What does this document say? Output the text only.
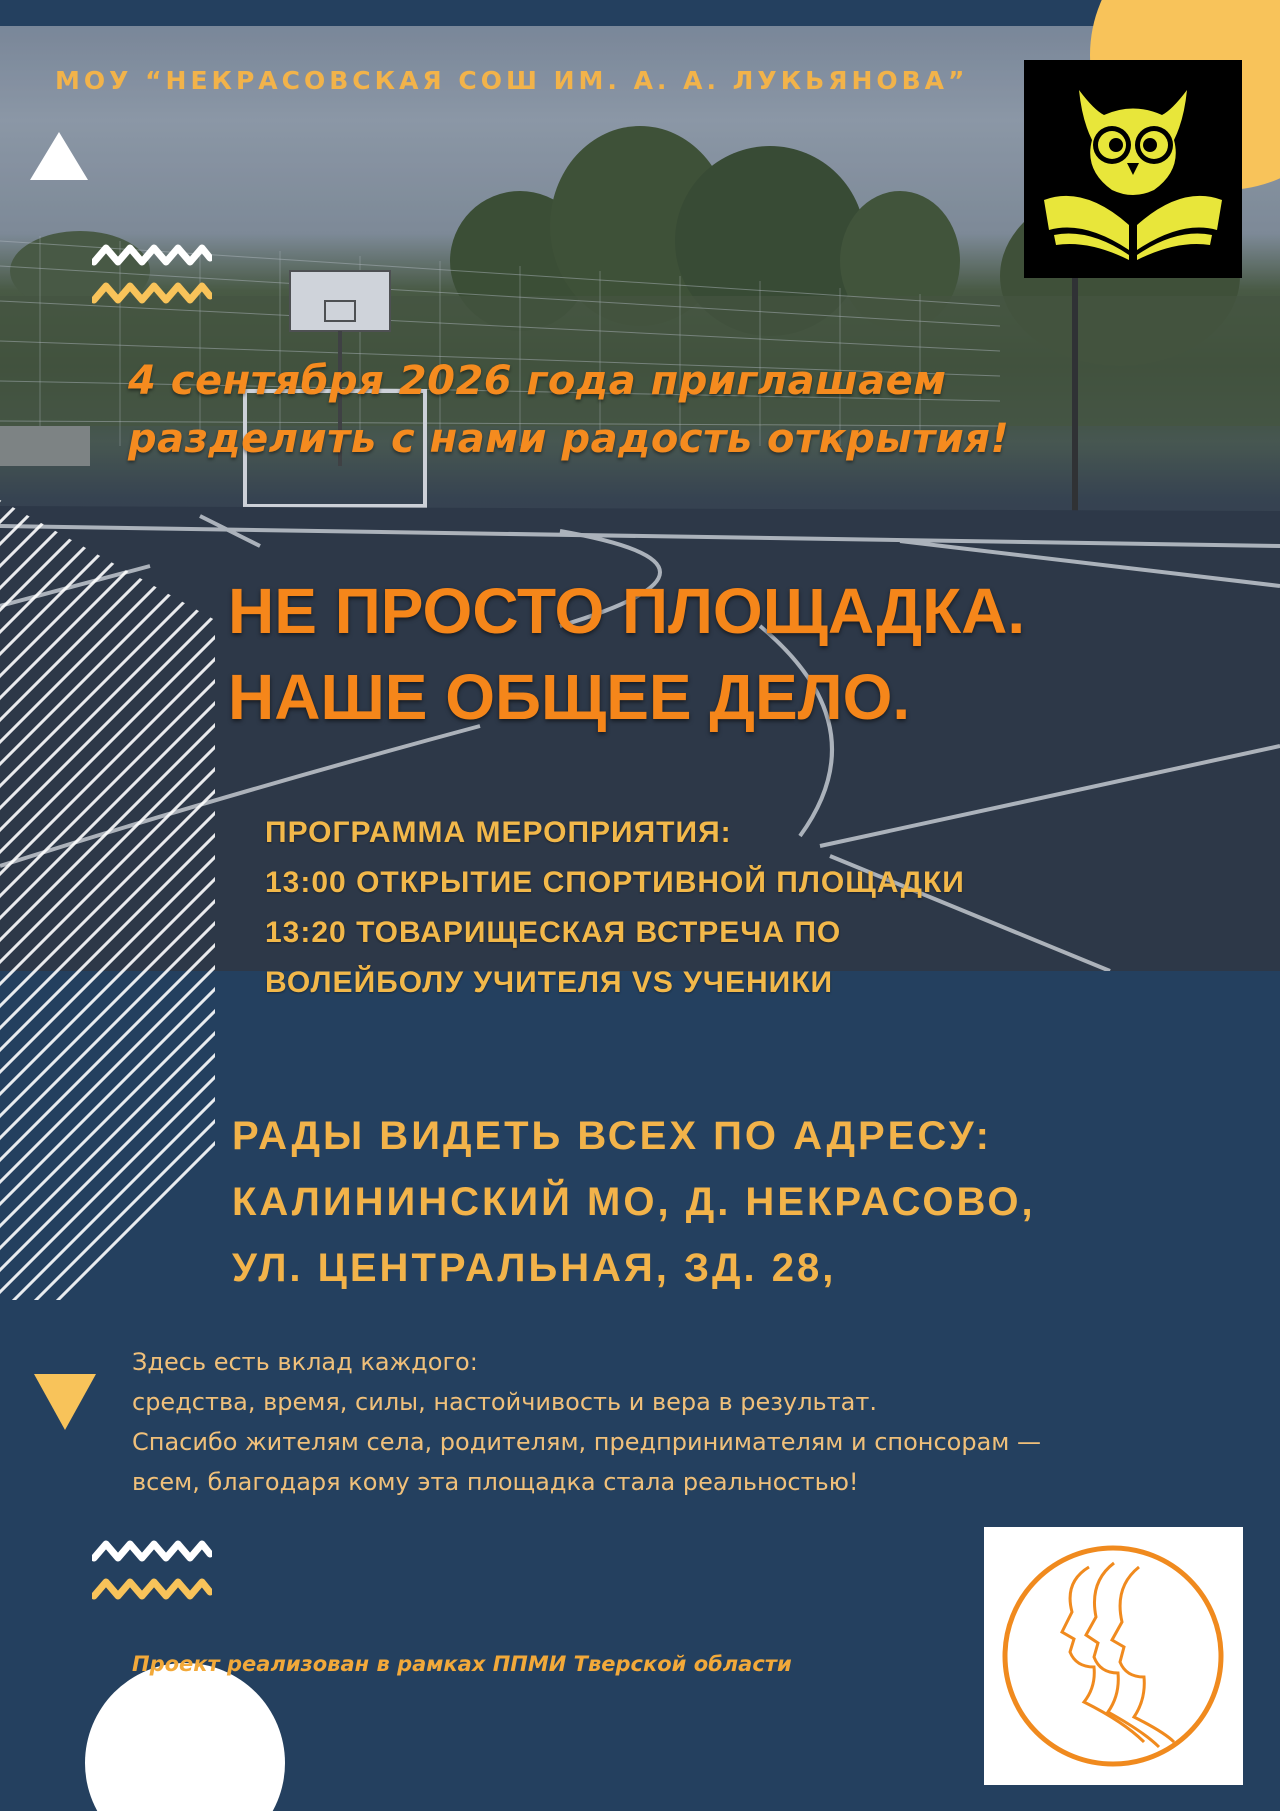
МОУ “НЕКРАСОВСКАЯ СОШ ИМ. А. А. ЛУКЬЯНОВА”

4 сентября 2026 года приглашаем
разделить с нами радость открытия!
НЕ ПРОСТО ПЛОЩАДКА.
НАШЕ ОБЩЕЕ ДЕЛО.
ПРОГРАММА МЕРОПРИЯТИЯ:
13:00 ОТКРЫТИЕ СПОРТИВНОЙ ПЛОЩАДКИ
13:20 ТОВАРИЩЕСКАЯ ВСТРЕЧА ПО
ВОЛЕЙБОЛУ УЧИТЕЛЯ VS УЧЕНИКИ
РАДЫ ВИДЕТЬ ВСЕХ ПО АДРЕСУ:
КАЛИНИНСКИЙ МО, Д. НЕКРАСОВО,
УЛ. ЦЕНТРАЛЬНАЯ, ЗД. 28,
Здесь есть вклад каждого:
средства, время, силы, настойчивость и вера в результат.
Спасибо жителям села, родителям, предпринимателям и спонсорам —
всем, благодаря кому эта площадка стала реальностью!

Проект реализован в рамках ППМИ Тверской области
